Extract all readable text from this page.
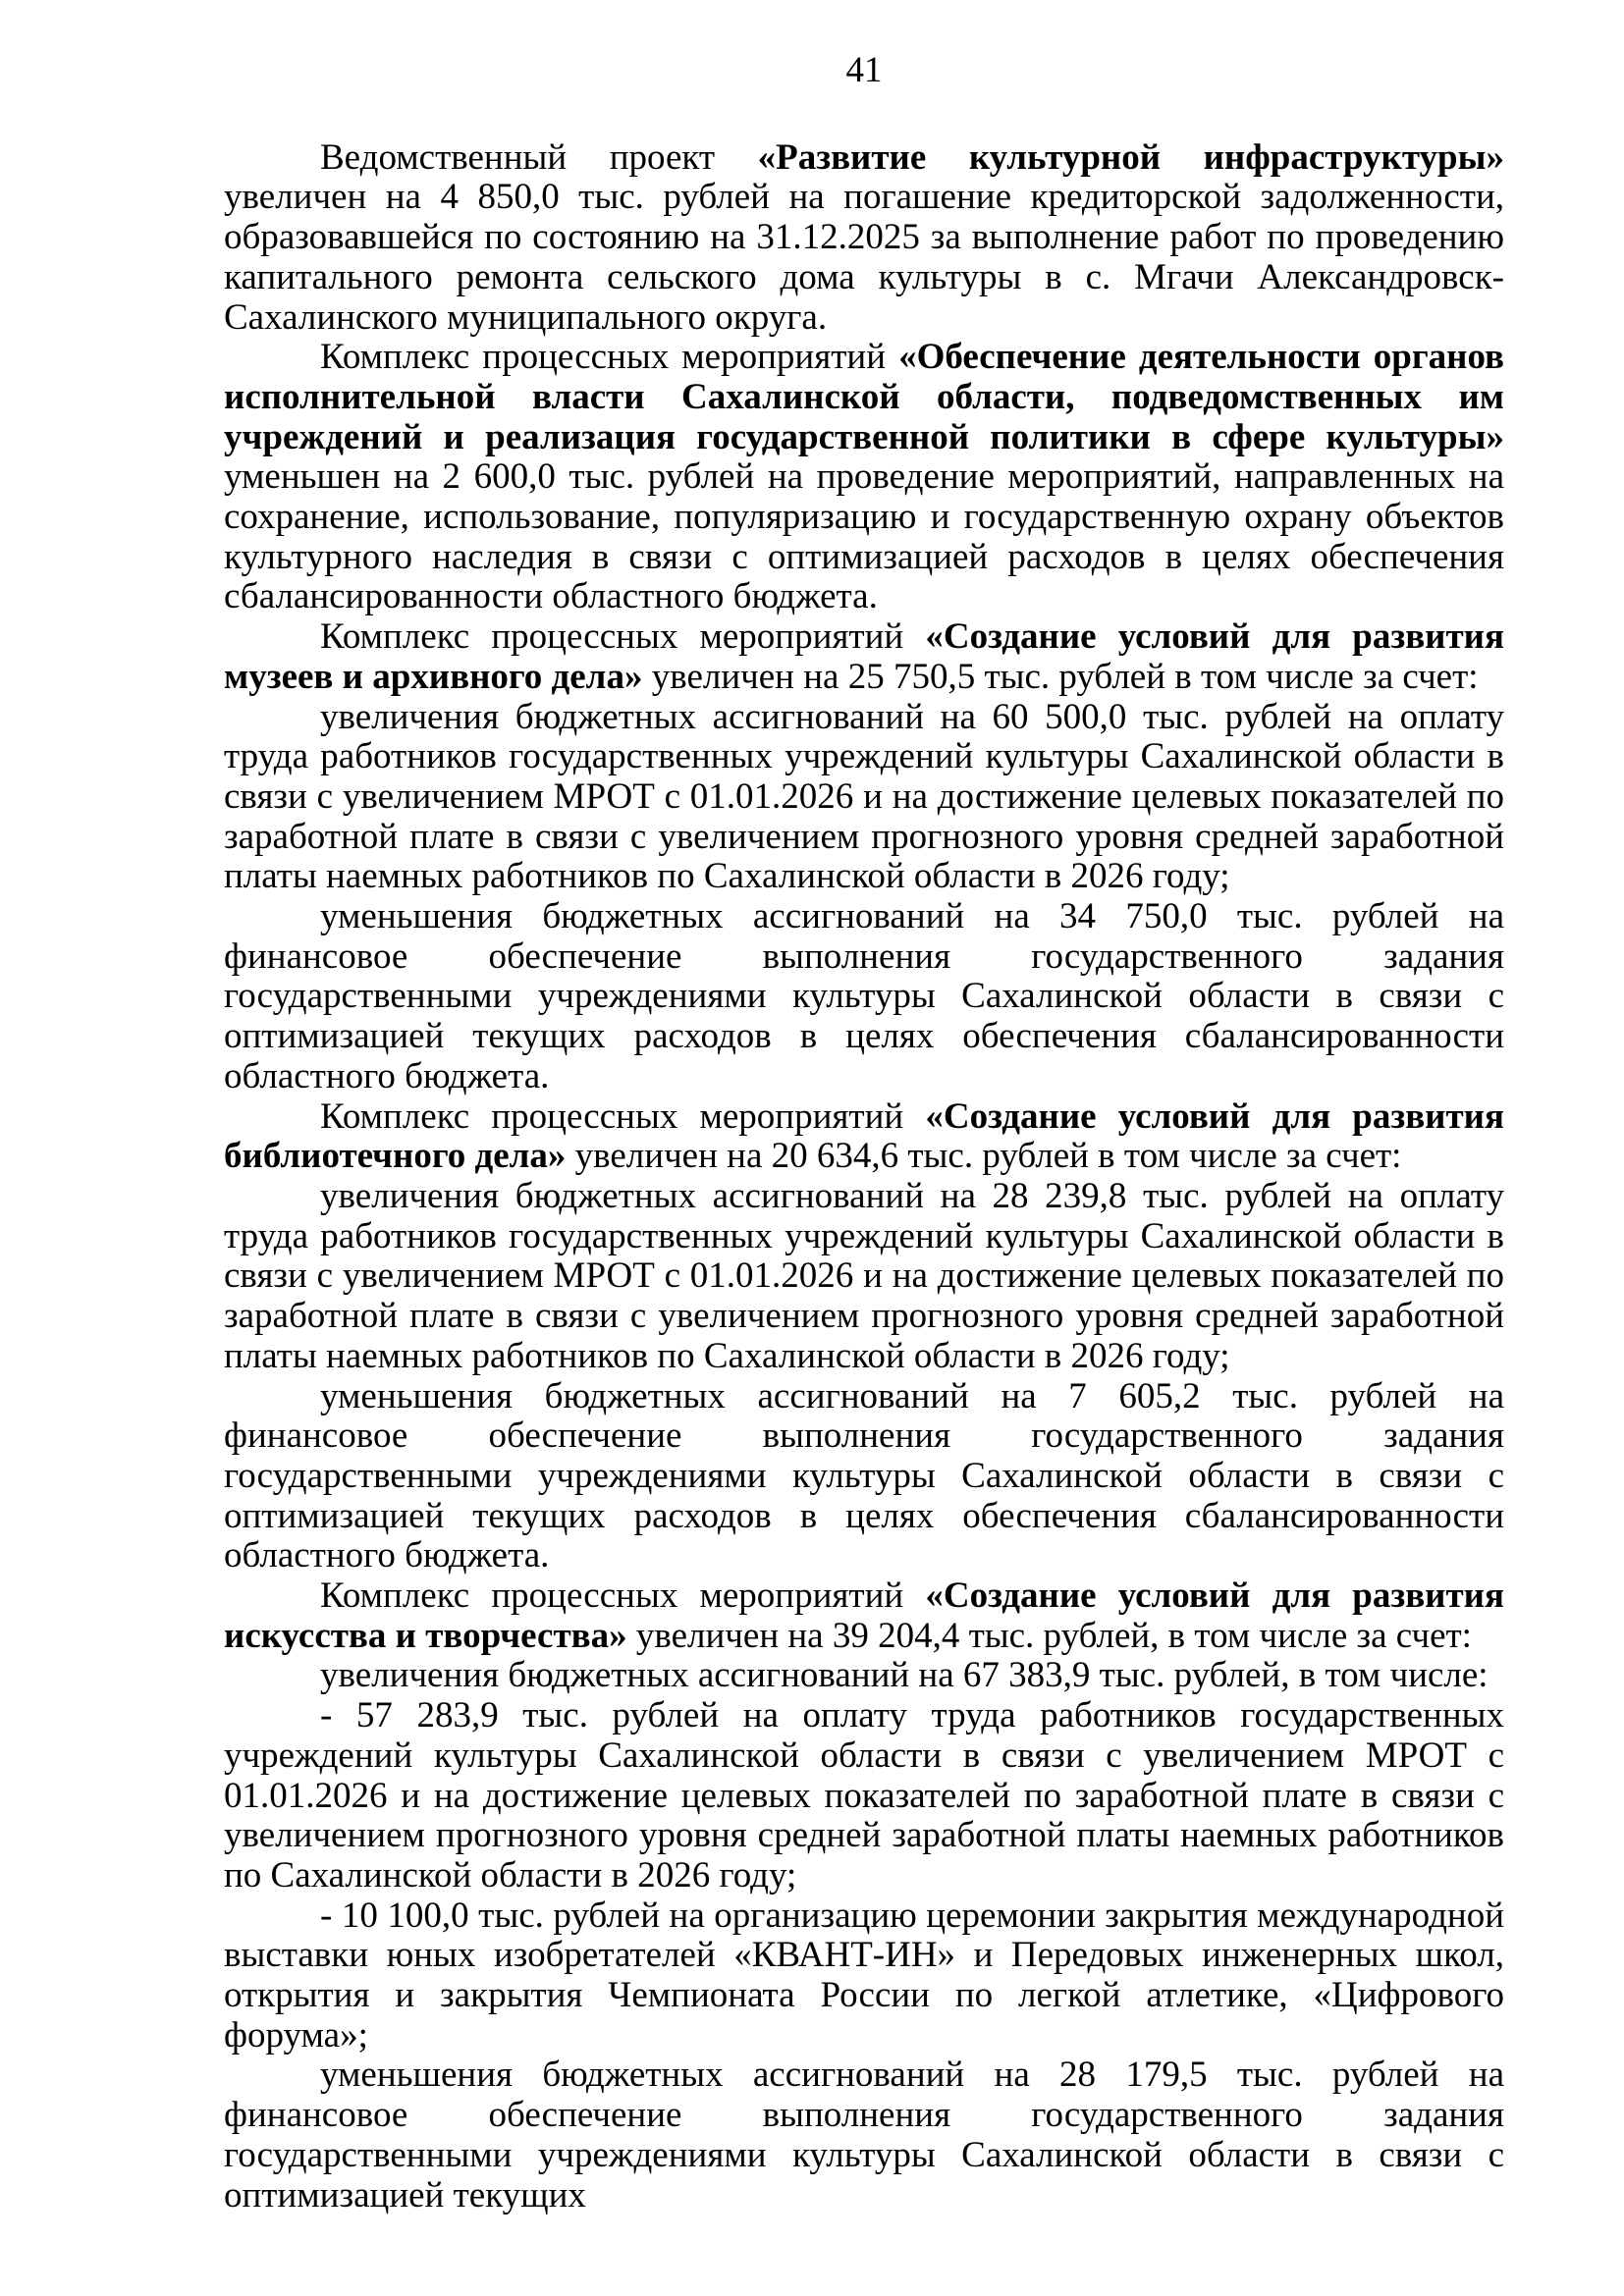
41

Ведомственный проект «Развитие культурной инфраструктуры» увеличен на 4 850,0 тыс. рублей на погашение кредиторской задолженности, образовавшейся по состоянию на 31.12.2025 за выполнение работ по проведению капитального ремонта сельского дома культуры в с. Мгачи Александровск-Сахалинского муниципального округа.

Комплекс процессных мероприятий «Обеспечение деятельности органов исполнительной власти Сахалинской области, подведомственных им учреждений и реализация государственной политики в сфере культуры» уменьшен на 2 600,0 тыс. рублей на проведение мероприятий, направленных на сохранение, использование, популяризацию и государственную охрану объектов культурного наследия в связи с оптимизацией расходов в целях обеспечения сбалансированности областного бюджета.

Комплекс процессных мероприятий «Создание условий для развития музеев и архивного дела» увеличен на 25 750,5 тыс. рублей в том числе за счет:

увеличения бюджетных ассигнований на 60 500,0 тыс. рублей на оплату труда работников государственных учреждений культуры Сахалинской области в связи с увеличением МРОТ с 01.01.2026 и на достижение целевых показателей по заработной плате в связи с увеличением прогнозного уровня средней заработной платы наемных работников по Сахалинской области в 2026 году;

уменьшения бюджетных ассигнований на 34 750,0 тыс. рублей на финансовое обеспечение выполнения государственного задания государственными учреждениями культуры Сахалинской области в связи с оптимизацией текущих расходов в целях обеспечения сбалансированности областного бюджета.

Комплекс процессных мероприятий «Создание условий для развития библиотечного дела» увеличен на 20 634,6 тыс. рублей в том числе за счет:

увеличения бюджетных ассигнований на 28 239,8 тыс. рублей на оплату труда работников государственных учреждений культуры Сахалинской области в связи с увеличением МРОТ с 01.01.2026 и на достижение целевых показателей по заработной плате в связи с увеличением прогнозного уровня средней заработной платы наемных работников по Сахалинской области в 2026 году;

уменьшения бюджетных ассигнований на 7 605,2 тыс. рублей на финансовое обеспечение выполнения государственного задания государственными учреждениями культуры Сахалинской области в связи с оптимизацией текущих расходов в целях обеспечения сбалансированности областного бюджета.

Комплекс процессных мероприятий «Создание условий для развития искусства и творчества» увеличен на 39 204,4 тыс. рублей, в том числе за счет:

увеличения бюджетных ассигнований на 67 383,9 тыс. рублей, в том числе:

- 57 283,9 тыс. рублей на оплату труда работников государственных учреждений культуры Сахалинской области в связи с увеличением МРОТ с 01.01.2026 и на достижение целевых показателей по заработной плате в связи с увеличением прогнозного уровня средней заработной платы наемных работников по Сахалинской области в 2026 году;

- 10 100,0 тыс. рублей на организацию церемонии закрытия международной выставки юных изобретателей «КВАНТ-ИН» и Передовых инженерных школ, открытия и закрытия Чемпионата России по легкой атлетике, «Цифрового форума»;

уменьшения бюджетных ассигнований на 28 179,5 тыс. рублей на финансовое обеспечение выполнения государственного задания государственными учреждениями культуры Сахалинской области в связи с оптимизацией текущих
